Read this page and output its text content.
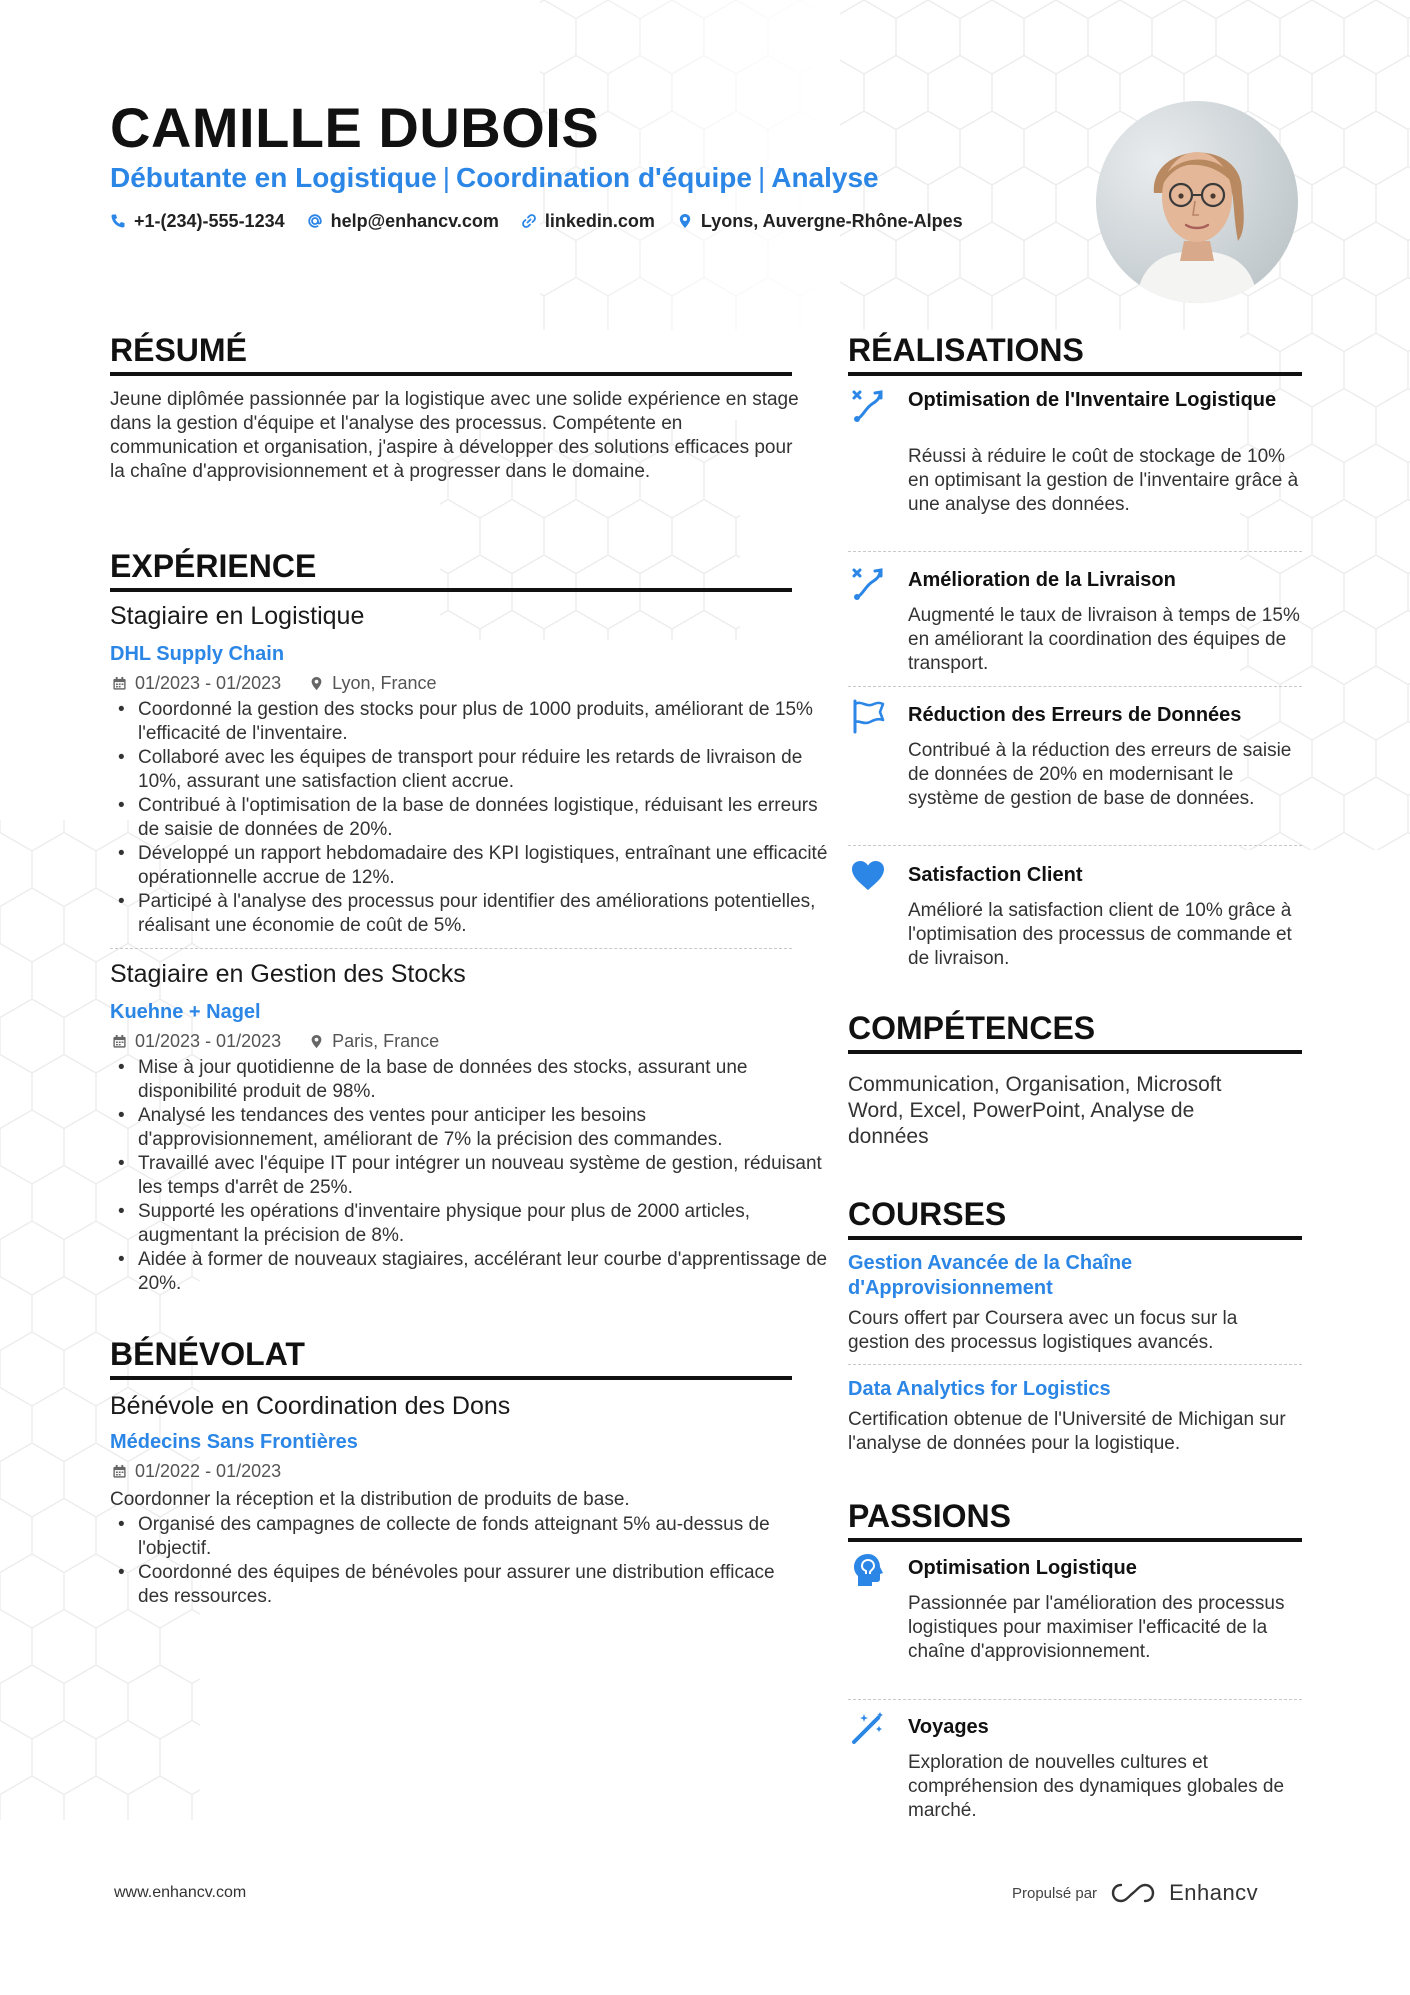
CAMILLE DUBOIS
Débutante en Logistique | Coordination d'équipe | Analyse
+1-(234)-555-1234	help@enhancv.com	linkedin.com	Lyons, Auvergne-Rhône-Alpes
RÉSUMÉ
Jeune diplômée passionnée par la logistique avec une solide expérience en stage dans la gestion d'équipe et l'analyse des processus. Compétente en communication et organisation, j'aspire à développer des solutions efficaces pour la chaîne d'approvisionnement et à progresser dans le domaine.
EXPÉRIENCE
Stagiaire en Logistique
DHL Supply Chain
01/2023 - 01/2023	Lyon, France
• Coordonné la gestion des stocks pour plus de 1000 produits, améliorant de 15% l'efficacité de l'inventaire.
• Collaboré avec les équipes de transport pour réduire les retards de livraison de 10%, assurant une satisfaction client accrue.
• Contribué à l'optimisation de la base de données logistique, réduisant les erreurs de saisie de données de 20%.
• Développé un rapport hebdomadaire des KPI logistiques, entraînant une efficacité opérationnelle accrue de 12%.
• Participé à l'analyse des processus pour identifier des améliorations potentielles, réalisant une économie de coût de 5%.
Stagiaire en Gestion des Stocks
Kuehne + Nagel
01/2023 - 01/2023	Paris, France
• Mise à jour quotidienne de la base de données des stocks, assurant une disponibilité produit de 98%.
• Analysé les tendances des ventes pour anticiper les besoins d'approvisionnement, améliorant de 7% la précision des commandes.
• Travaillé avec l'équipe IT pour intégrer un nouveau système de gestion, réduisant les temps d'arrêt de 25%.
• Supporté les opérations d'inventaire physique pour plus de 2000 articles, augmentant la précision de 8%.
• Aidée à former de nouveaux stagiaires, accélérant leur courbe d'apprentissage de 20%.
BÉNÉVOLAT
Bénévole en Coordination des Dons
Médecins Sans Frontières
01/2022 - 01/2023
Coordonner la réception et la distribution de produits de base.
• Organisé des campagnes de collecte de fonds atteignant 5% au-dessus de l'objectif.
• Coordonné des équipes de bénévoles pour assurer une distribution efficace des ressources.
RÉALISATIONS
Optimisation de l'Inventaire Logistique
Réussi à réduire le coût de stockage de 10% en optimisant la gestion de l'inventaire grâce à une analyse des données.
Amélioration de la Livraison
Augmenté le taux de livraison à temps de 15% en améliorant la coordination des équipes de transport.
Réduction des Erreurs de Données
Contribué à la réduction des erreurs de saisie de données de 20% en modernisant le système de gestion de base de données.
Satisfaction Client
Amélioré la satisfaction client de 10% grâce à l'optimisation des processus de commande et de livraison.
COMPÉTENCES
Communication, Organisation, Microsoft Word, Excel, PowerPoint, Analyse de données
COURSES
Gestion Avancée de la Chaîne d'Approvisionnement
Cours offert par Coursera avec un focus sur la gestion des processus logistiques avancés.
Data Analytics for Logistics
Certification obtenue de l'Université de Michigan sur l'analyse de données pour la logistique.
PASSIONS
Optimisation Logistique
Passionnée par l'amélioration des processus logistiques pour maximiser l'efficacité de la chaîne d'approvisionnement.
Voyages
Exploration de nouvelles cultures et compréhension des dynamiques globales de marché.
www.enhancv.com	Propulsé par	Enhancv
